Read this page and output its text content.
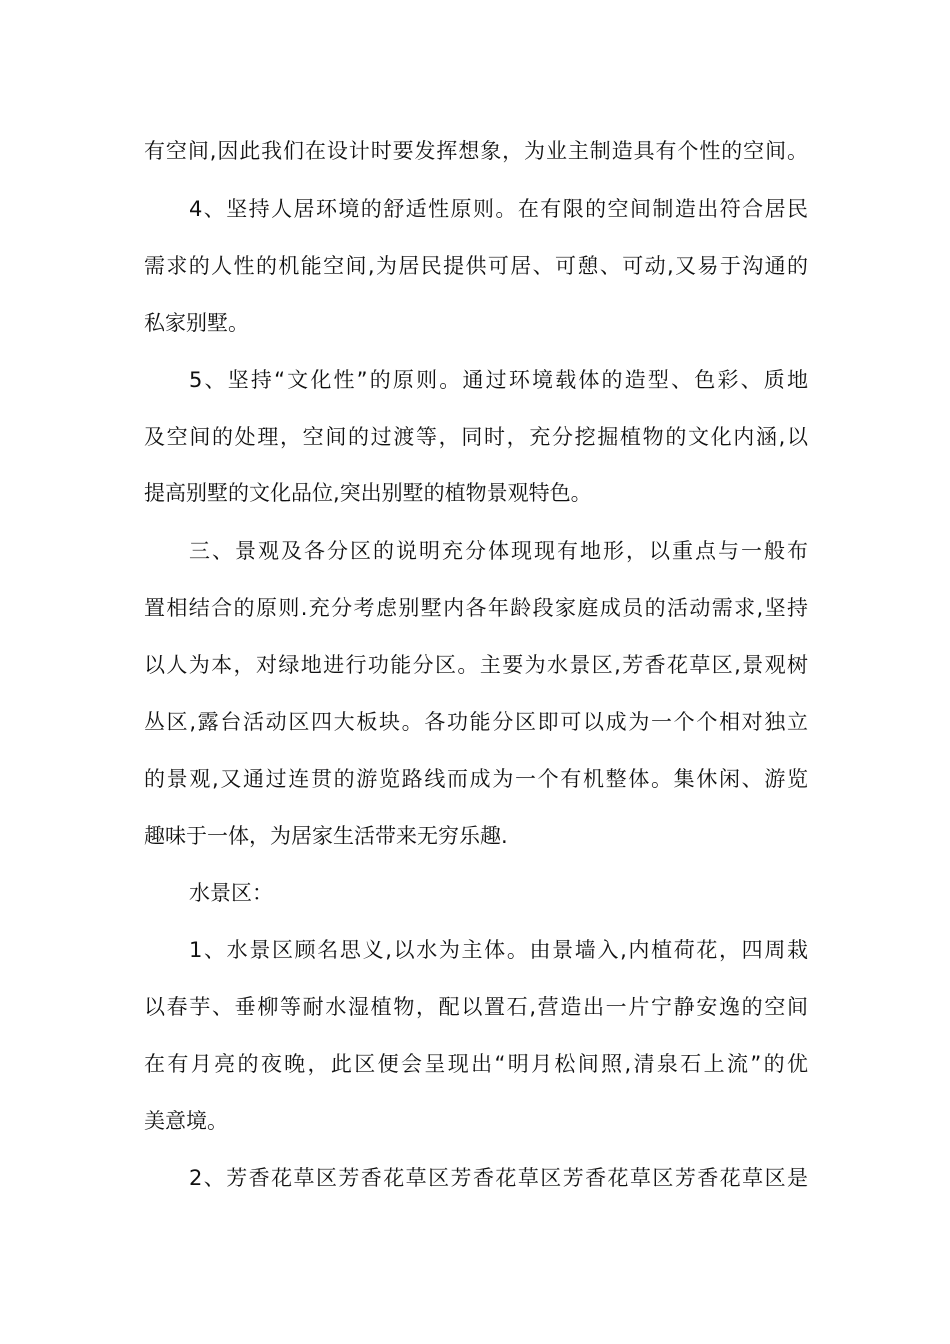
有空间,因此我们在设计时要发挥想象，为业主制造具有个性的空间。
4、坚持人居环境的舒适性原则。在有限的空间制造出符合居民
需求的人性的机能空间,为居民提供可居、可憩、可动,又易于沟通的
私家别墅。
5、坚持“文化性”的原则。通过环境载体的造型、色彩、质地
及空间的处理，空间的过渡等，同时，充分挖掘植物的文化内涵,以
提高别墅的文化品位,突出别墅的植物景观特色。
三、景观及各分区的说明充分体现现有地形，以重点与一般布
置相结合的原则.充分考虑别墅内各年龄段家庭成员的活动需求,坚持
以人为本，对绿地进行功能分区。主要为水景区,芳香花草区,景观树
丛区,露台活动区四大板块。各功能分区即可以成为一个个相对独立
的景观,又通过连贯的游览路线而成为一个有机整体。集休闲、游览
趣味于一体，为居家生活带来无穷乐趣.
水景区：
1、水景区顾名思义,以水为主体。由景墙入,内植荷花，四周栽
以春芋、垂柳等耐水湿植物，配以置石,营造出一片宁静安逸的空间
在有月亮的夜晚，此区便会呈现出“明月松间照,清泉石上流”的优
美意境。
2、芳香花草区芳香花草区芳香花草区芳香花草区芳香花草区是
